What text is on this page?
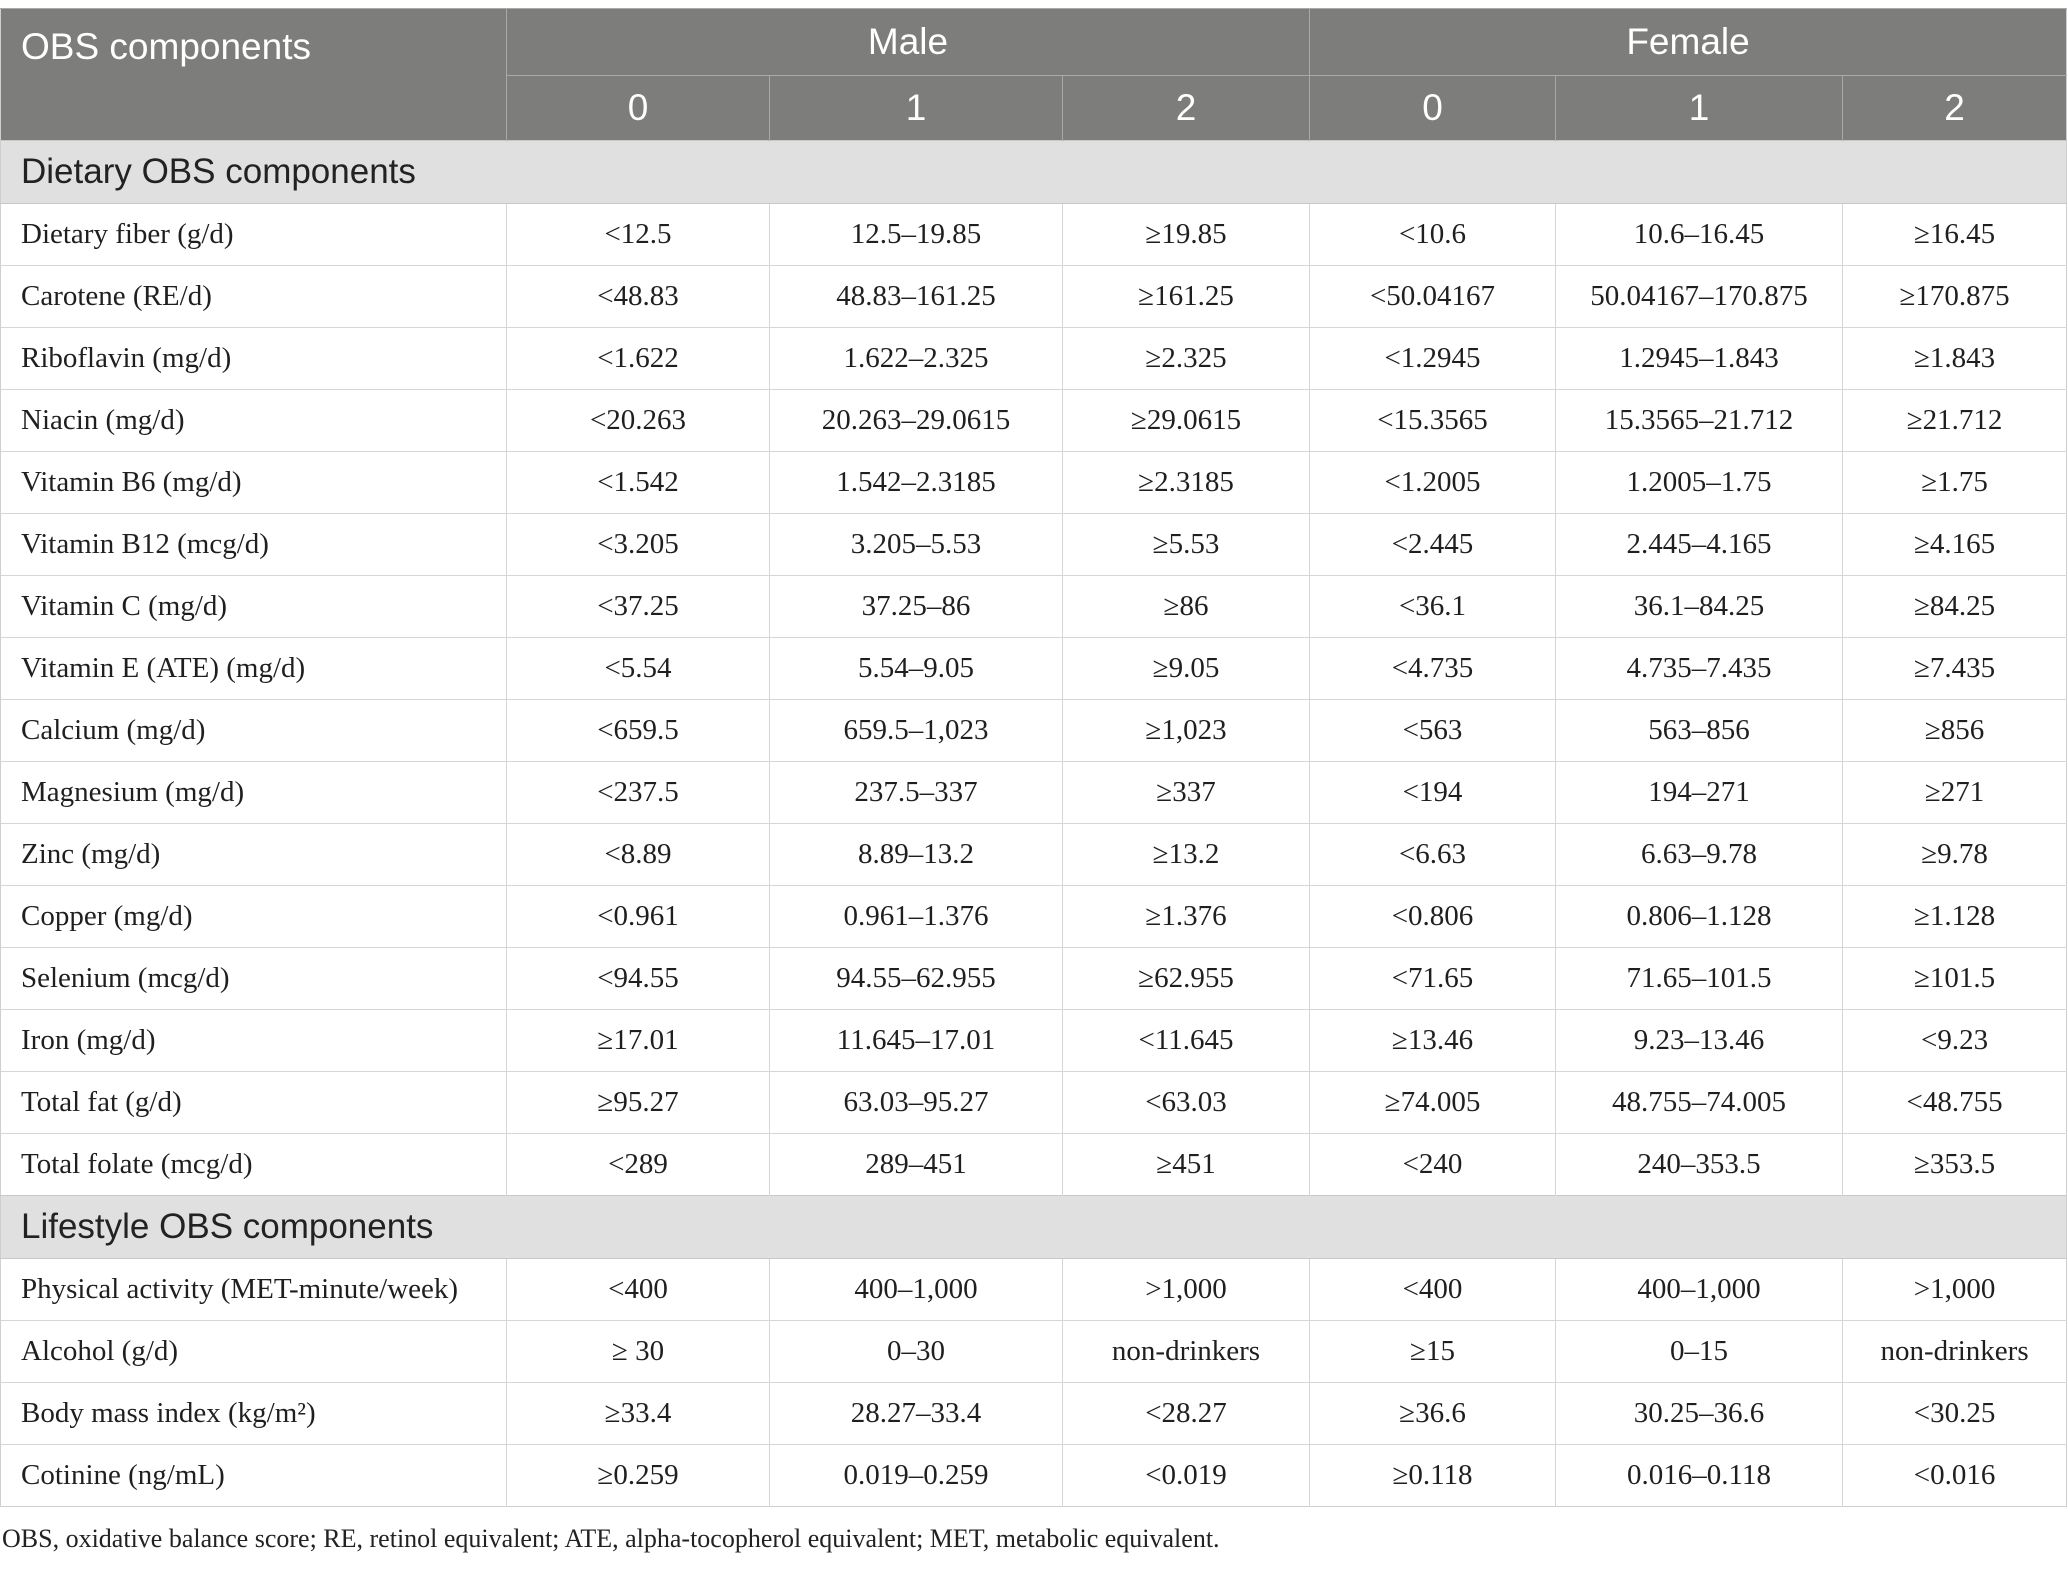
OBS components	Male			Female		
	0	1	2	0	1	2
Dietary OBS components						
Dietary fiber (g/d)	<12.5	12.5–19.85	≥19.85	<10.6	10.6–16.45	≥16.45
Carotene (RE/d)	<48.83	48.83–161.25	≥161.25	<50.04167	50.04167–170.875	≥170.875
Riboflavin (mg/d)	<1.622	1.622–2.325	≥2.325	<1.2945	1.2945–1.843	≥1.843
Niacin (mg/d)	<20.263	20.263–29.0615	≥29.0615	<15.3565	15.3565–21.712	≥21.712
Vitamin B6 (mg/d)	<1.542	1.542–2.3185	≥2.3185	<1.2005	1.2005–1.75	≥1.75
Vitamin B12 (mcg/d)	<3.205	3.205–5.53	≥5.53	<2.445	2.445–4.165	≥4.165
Vitamin C (mg/d)	<37.25	37.25–86	≥86	<36.1	36.1–84.25	≥84.25
Vitamin E (ATE) (mg/d)	<5.54	5.54–9.05	≥9.05	<4.735	4.735–7.435	≥7.435
Calcium (mg/d)	<659.5	659.5–1,023	≥1,023	<563	563–856	≥856
Magnesium (mg/d)	<237.5	237.5–337	≥337	<194	194–271	≥271
Zinc (mg/d)	<8.89	8.89–13.2	≥13.2	<6.63	6.63–9.78	≥9.78
Copper (mg/d)	<0.961	0.961–1.376	≥1.376	<0.806	0.806–1.128	≥1.128
Selenium (mcg/d)	<94.55	94.55–62.955	≥62.955	<71.65	71.65–101.5	≥101.5
Iron (mg/d)	≥17.01	11.645–17.01	<11.645	≥13.46	9.23–13.46	<9.23
Total fat (g/d)	≥95.27	63.03–95.27	<63.03	≥74.005	48.755–74.005	<48.755
Total folate (mcg/d)	<289	289–451	≥451	<240	240–353.5	≥353.5
Lifestyle OBS components						
Physical activity (MET-minute/week)	<400	400–1,000	>1,000	<400	400–1,000	>1,000
Alcohol (g/d)	≥ 30	0–30	non-drinkers	≥15	0–15	non-drinkers
Body mass index (kg/m²)	≥33.4	28.27–33.4	<28.27	≥36.6	30.25–36.6	<30.25
Cotinine (ng/mL)	≥0.259	0.019–0.259	<0.019	≥0.118	0.016–0.118	<0.016
OBS, oxidative balance score; RE, retinol equivalent; ATE, alpha-tocopherol equivalent; MET, metabolic equivalent.
